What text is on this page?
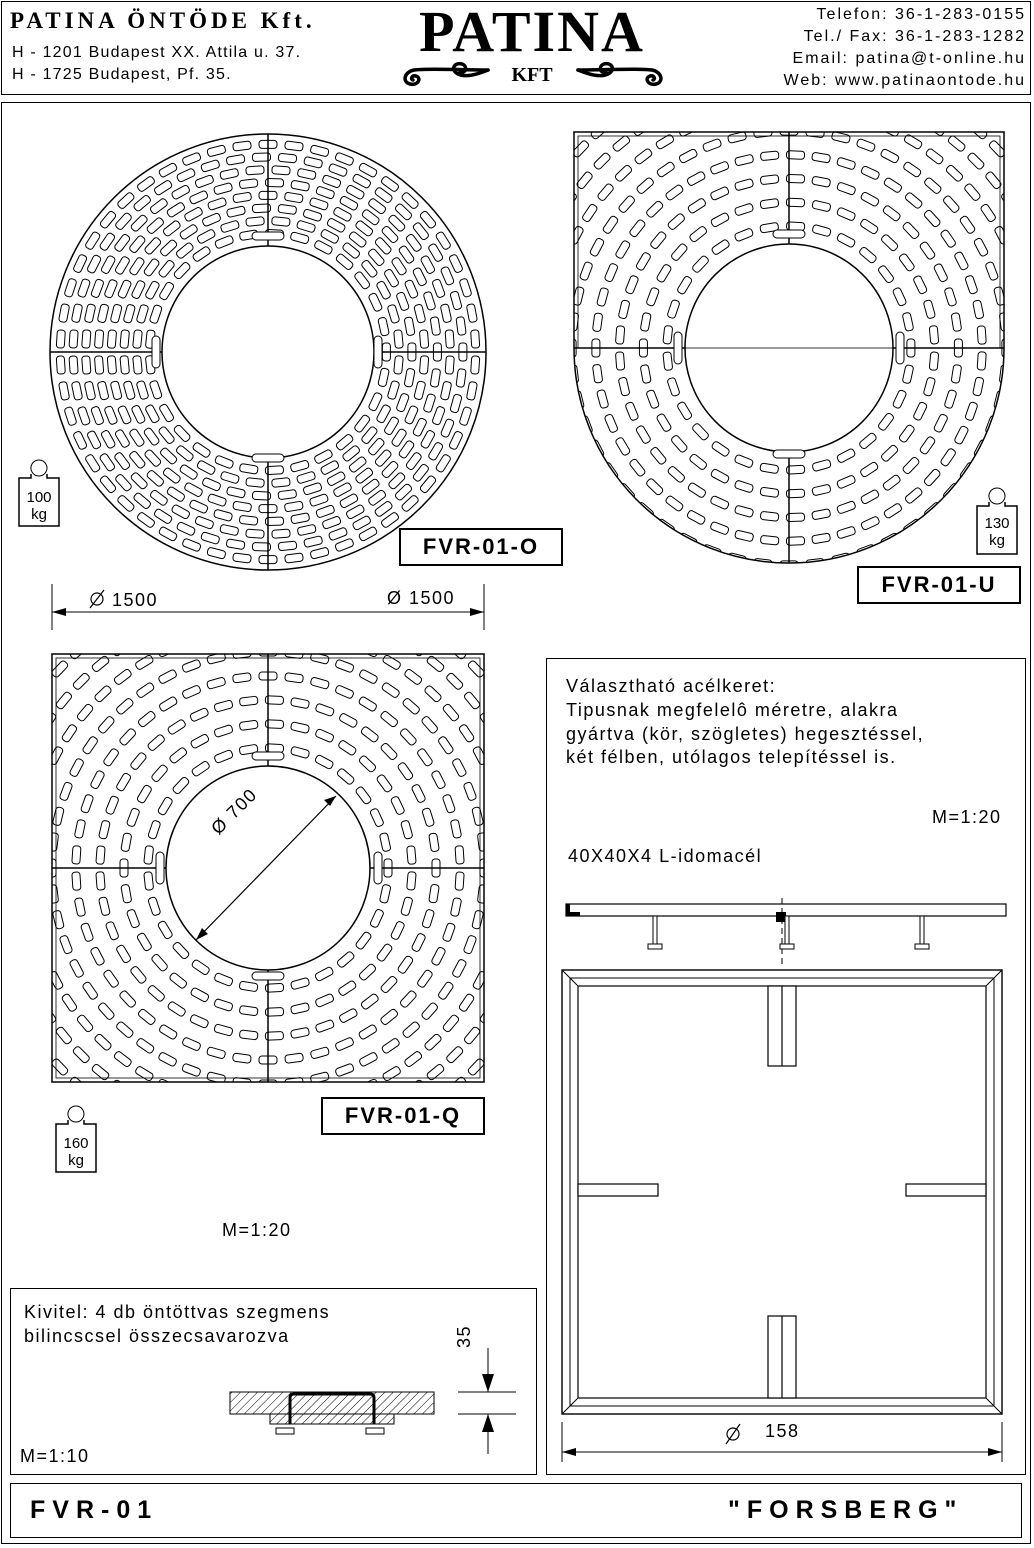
PATINA ÖNTÖDE Kft.
H - 1201 Budapest XX. Attila u. 37.
H - 1725 Budapest, Pf. 35.
PATINA
KFT
Telefon: 36-1-283-0155
Tel./ Fax: 36-1-283-1282
Email: patina@t-online.hu
Web: www.patinaontode.hu
Ø 700
FVR-01-O
FVR-01-U
FVR-01-Q
100
kg
130
kg
160
kg
1500	Ø 1500
M=1:20
Választható acélkeret:
Tipusnak megfelelô méretre, alakra
gyártva (kör, szögletes) hegesztéssel,
két félben, utólagos telepítéssel is.
M=1:20
40X40X4 L-idomacél
158
Kivitel: 4 db öntöttvas szegmens
bilincscsel összecsavarozva
M=1:10
35
FVR-01	"FORSBERG"
